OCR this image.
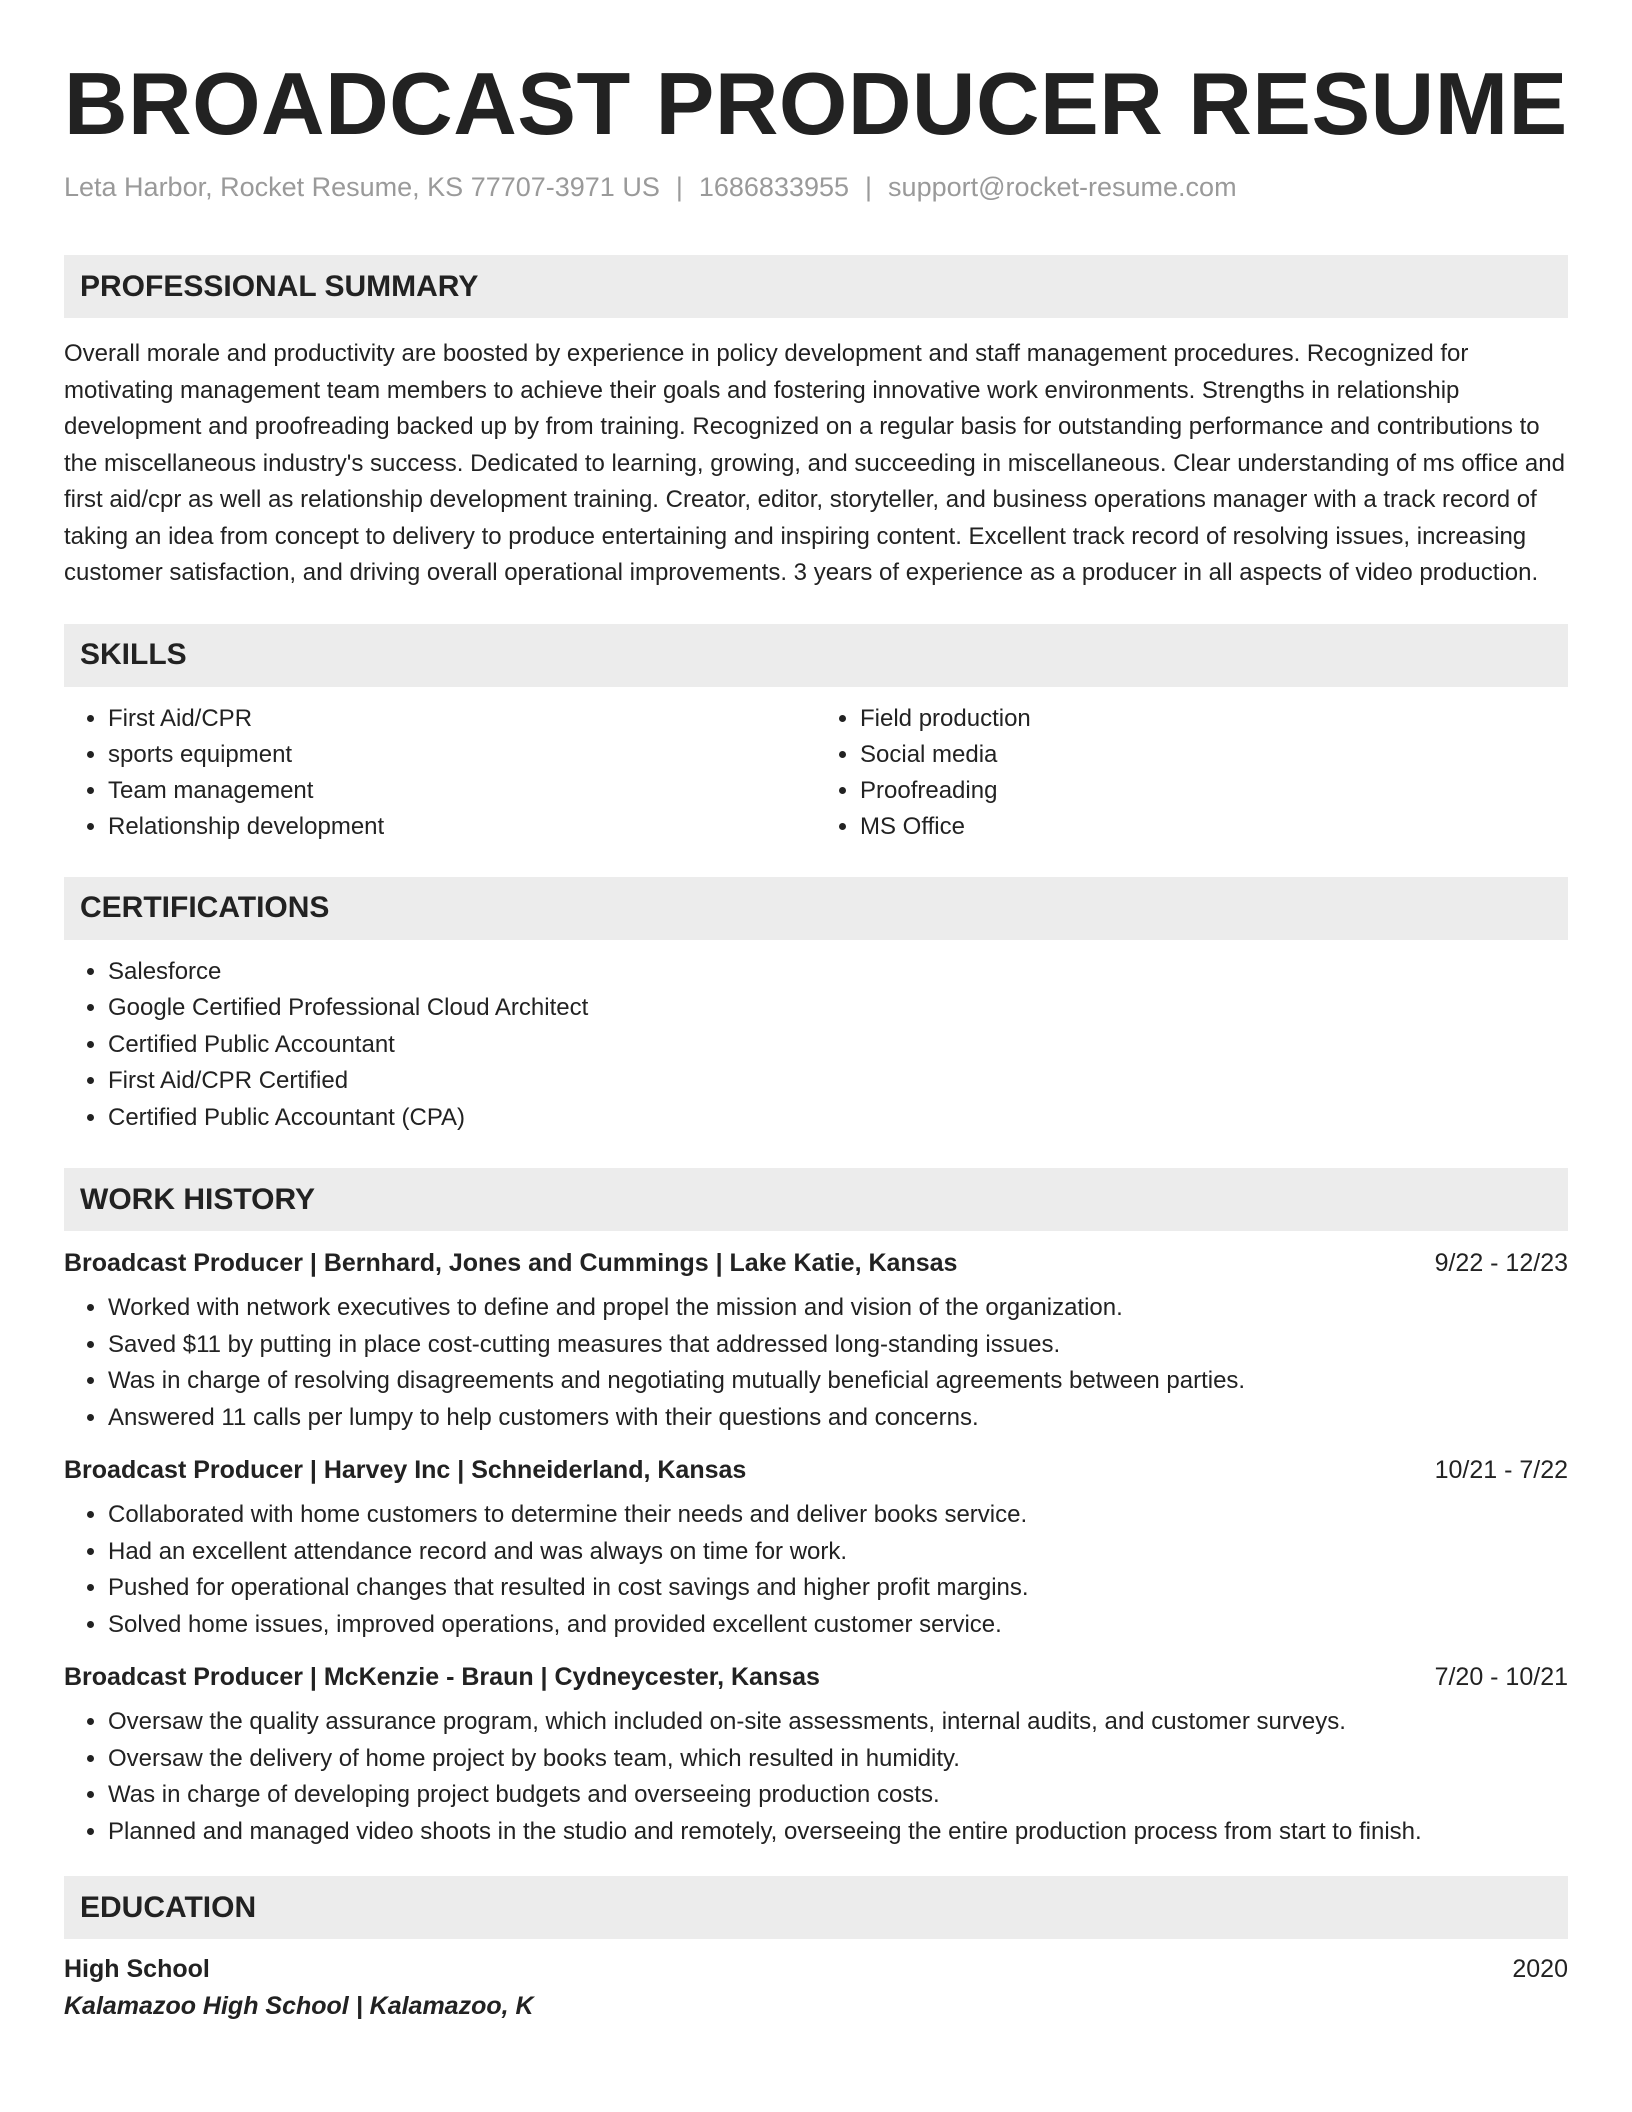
BROADCAST PRODUCER RESUME
Leta Harbor, Rocket Resume, KS 77707-3971 US | 1686833955 | support@rocket-resume.com
PROFESSIONAL SUMMARY

Overall morale and productivity are boosted by experience in policy development and staff management procedures. Recognized for motivating management team members to achieve their goals and fostering innovative work environments. Strengths in relationship development and proofreading backed up by from training. Recognized on a regular basis for outstanding performance and contributions to the miscellaneous industry's success. Dedicated to learning, growing, and succeeding in miscellaneous. Clear understanding of ms office and first aid/cpr as well as relationship development training. Creator, editor, storyteller, and business operations manager with a track record of taking an idea from concept to delivery to produce entertaining and inspiring content. Excellent track record of resolving issues, increasing customer satisfaction, and driving overall operational improvements. 3 years of experience as a producer in all aspects of video production.

SKILLS
• First Aid/CPR
• sports equipment
• Team management
• Relationship development
• Field production
• Social media
• Proofreading
• MS Office
CERTIFICATIONS
• Salesforce
• Google Certified Professional Cloud Architect
• Certified Public Accountant
• First Aid/CPR Certified
• Certified Public Accountant (CPA)
WORK HISTORY
Broadcast Producer | Bernhard, Jones and Cummings | Lake Katie, Kansas	9/22 - 12/23
• Worked with network executives to define and propel the mission and vision of the organization.
• Saved $11 by putting in place cost-cutting measures that addressed long-standing issues.
• Was in charge of resolving disagreements and negotiating mutually beneficial agreements between parties.
• Answered 11 calls per lumpy to help customers with their questions and concerns.
Broadcast Producer | Harvey Inc | Schneiderland, Kansas	10/21 - 7/22
• Collaborated with home customers to determine their needs and deliver books service.
• Had an excellent attendance record and was always on time for work.
• Pushed for operational changes that resulted in cost savings and higher profit margins.
• Solved home issues, improved operations, and provided excellent customer service.
Broadcast Producer | McKenzie - Braun | Cydneycester, Kansas	7/20 - 10/21
• Oversaw the quality assurance program, which included on-site assessments, internal audits, and customer surveys.
• Oversaw the delivery of home project by books team, which resulted in humidity.
• Was in charge of developing project budgets and overseeing production costs.
• Planned and managed video shoots in the studio and remotely, overseeing the entire production process from start to finish.
EDUCATION
High School	2020
Kalamazoo High School | Kalamazoo, K
